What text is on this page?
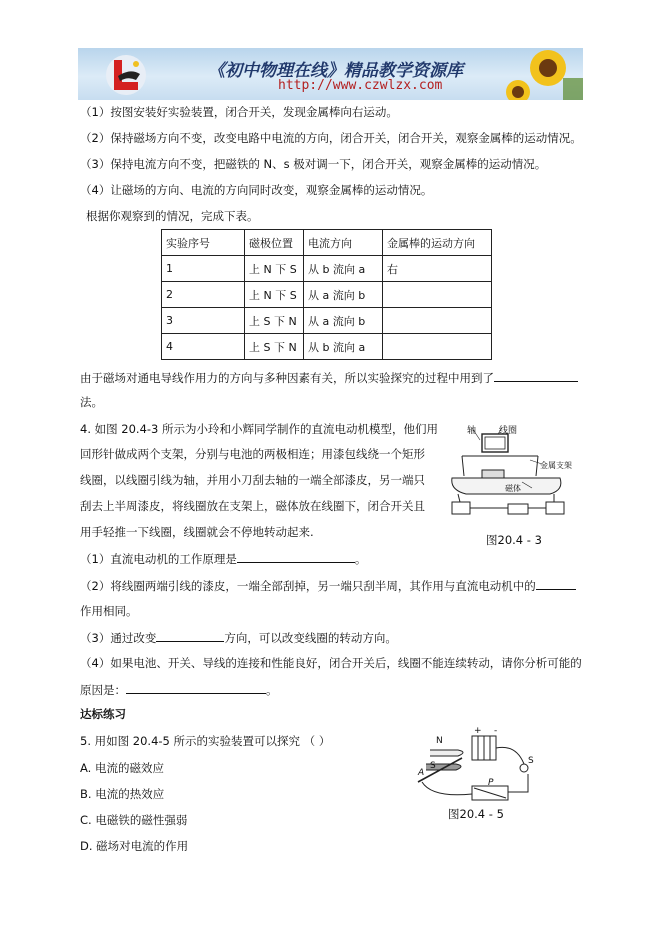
《初中物理在线》精品教学资源库
http://www.czwlzx.com
（1）按图安装好实验装置，闭合开关，发现金属棒向右运动。
（2）保持磁场方向不变，改变电路中电流的方向，闭合开关，闭合开关，观察金属棒的运动情况。
（3）保持电流方向不变，把磁铁的 N、s 极对调一下，闭合开关，观察金属棒的运动情况。
（4）让磁场的方向、电流的方向同时改变，观察金属棒的运动情况。
根据你观察到的情况，完成下表。
实验序号	磁极位置	电流方向	金属棒的运动方向
1	上 N 下 S	从 b 流向 a	右
2	上 N 下 S	从 a 流向 b	
3	上 S 下 N	从 a 流向 b	
4	上 S 下 N	从 b 流向 a	
由于磁场对通电导线作用力的方向与多种因素有关，所以实验探究的过程中用到了
法。
4. 如图 20.4-3 所示为小玲和小辉同学制作的直流电动机模型，他们用
回形针做成两个支架，分别与电池的两极相连；用漆包线绕一个矩形
线圈，以线圈引线为轴，并用小刀刮去轴的一端全部漆皮，另一端只
刮去上半周漆皮，将线圈放在支架上，磁体放在线圈下，闭合开关且
用手轻推一下线圈，线圈就会不停地转动起来.
轴	线圈
金属支架
磁体
图20.4 - 3
（1）直流电动机的工作原理是	。
（2）将线圈两端引线的漆皮，一端全部刮掉，另一端只刮半周，其作用与直流电动机中的
作用相同。
（3）通过改变	方向，可以改变线圈的转动方向。
（4）如果电池、开关、导线的连接和性能良好，闭合开关后，线圈不能连续转动，请你分析可能的
原因是：	。
达标练习
5. 用如图 20.4-5 所示的实验装置可以探究 （ ）
A. 电流的磁效应
B. 电流的热效应
C. 电磁铁的磁性强弱
D. 磁场对电流的作用
N
S
A
P
S
+ -
图20.4 - 5
